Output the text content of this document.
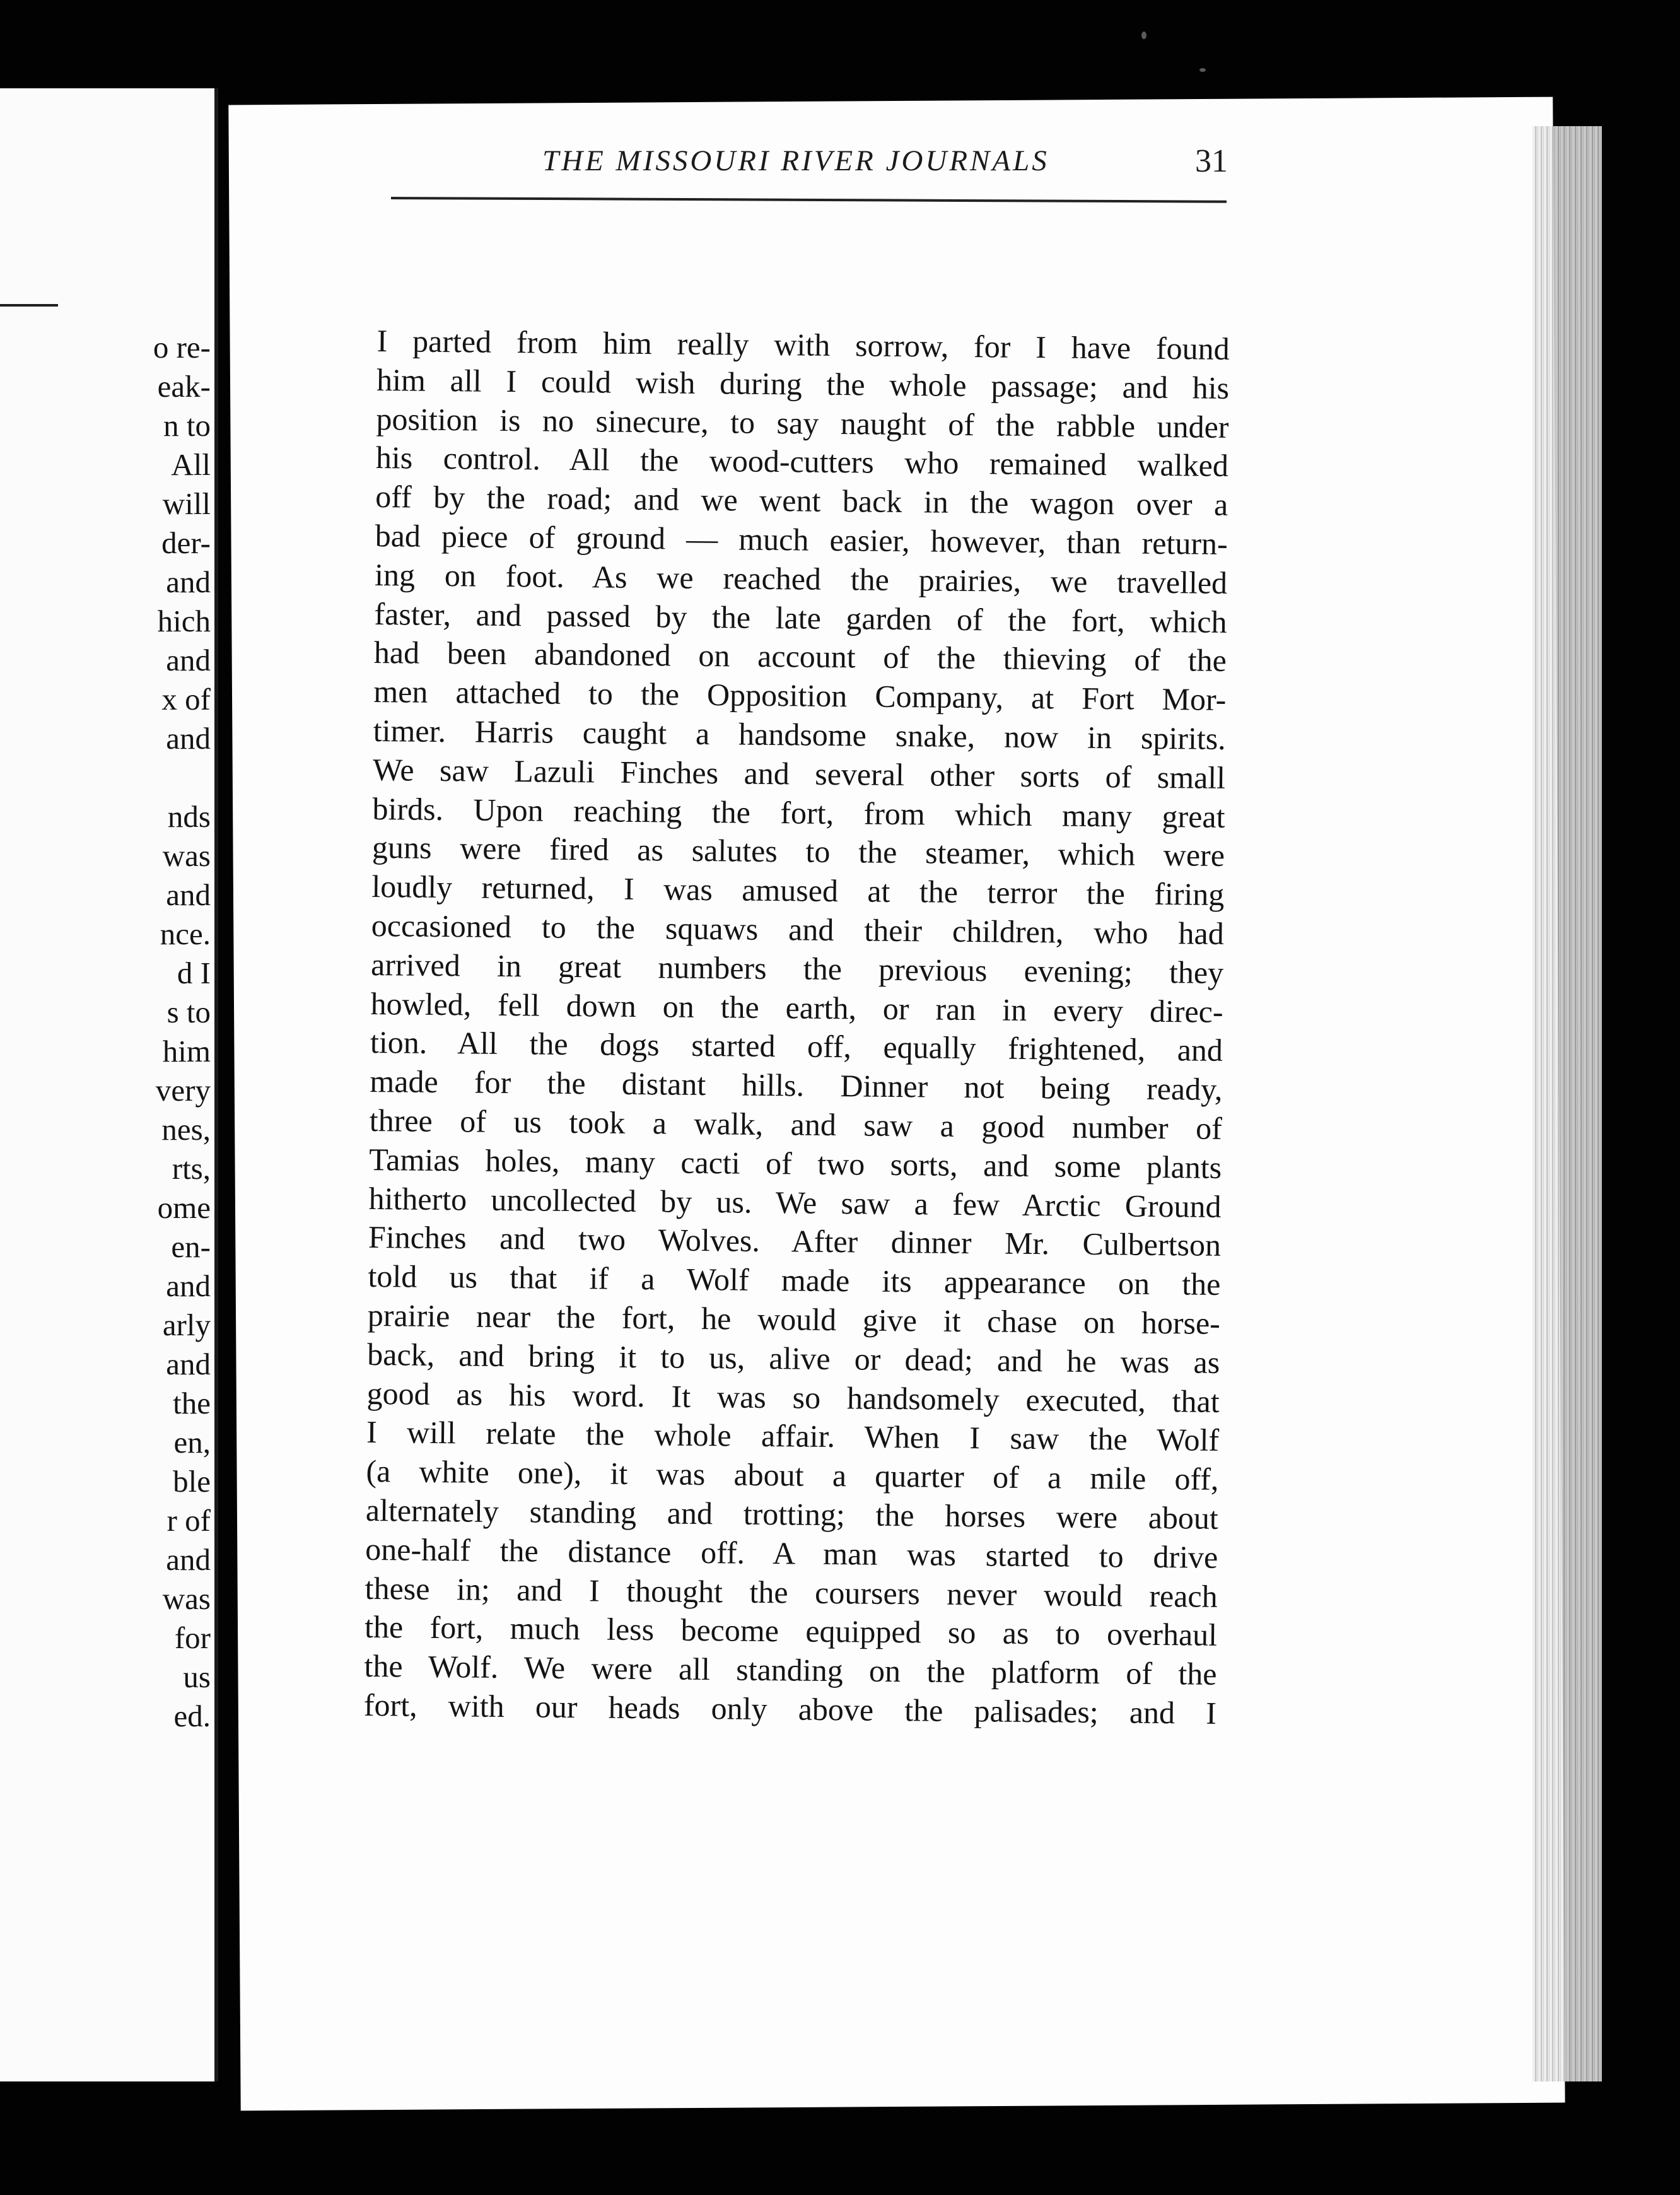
o re-
eak-
n to
All
will
der-
and
hich
and
x of
and
nds
was
and
nce.
d I
s to
him
very
nes,
rts,
ome
en-
and
arly
and
the
en,
ble
r of
and
was
for
us
ed.
THE MISSOURI RIVER JOURNALS	31
I parted from him really with sorrow, for I have found
him all I could wish during the whole passage; and his
position is no sinecure, to say naught of the rabble under
his control. All the wood-cutters who remained walked
off by the road; and we went back in the wagon over a
bad piece of ground — much easier, however, than return-
ing on foot. As we reached the prairies, we travelled
faster, and passed by the late garden of the fort, which
had been abandoned on account of the thieving of the
men attached to the Opposition Company, at Fort Mor-
timer. Harris caught a handsome snake, now in spirits.
We saw Lazuli Finches and several other sorts of small
birds. Upon reaching the fort, from which many great
guns were fired as salutes to the steamer, which were
loudly returned, I was amused at the terror the firing
occasioned to the squaws and their children, who had
arrived in great numbers the previous evening; they
howled, fell down on the earth, or ran in every direc-
tion. All the dogs started off, equally frightened, and
made for the distant hills. Dinner not being ready,
three of us took a walk, and saw a good number of
Tamias holes, many cacti of two sorts, and some plants
hitherto uncollected by us. We saw a few Arctic Ground
Finches and two Wolves. After dinner Mr. Culbertson
told us that if a Wolf made its appearance on the
prairie near the fort, he would give it chase on horse-
back, and bring it to us, alive or dead; and he was as
good as his word. It was so handsomely executed, that
I will relate the whole affair. When I saw the Wolf
(a white one), it was about a quarter of a mile off,
alternately standing and trotting; the horses were about
one-half the distance off. A man was started to drive
these in; and I thought the coursers never would reach
the fort, much less become equipped so as to overhaul
the Wolf. We were all standing on the platform of the
fort, with our heads only above the palisades; and I
